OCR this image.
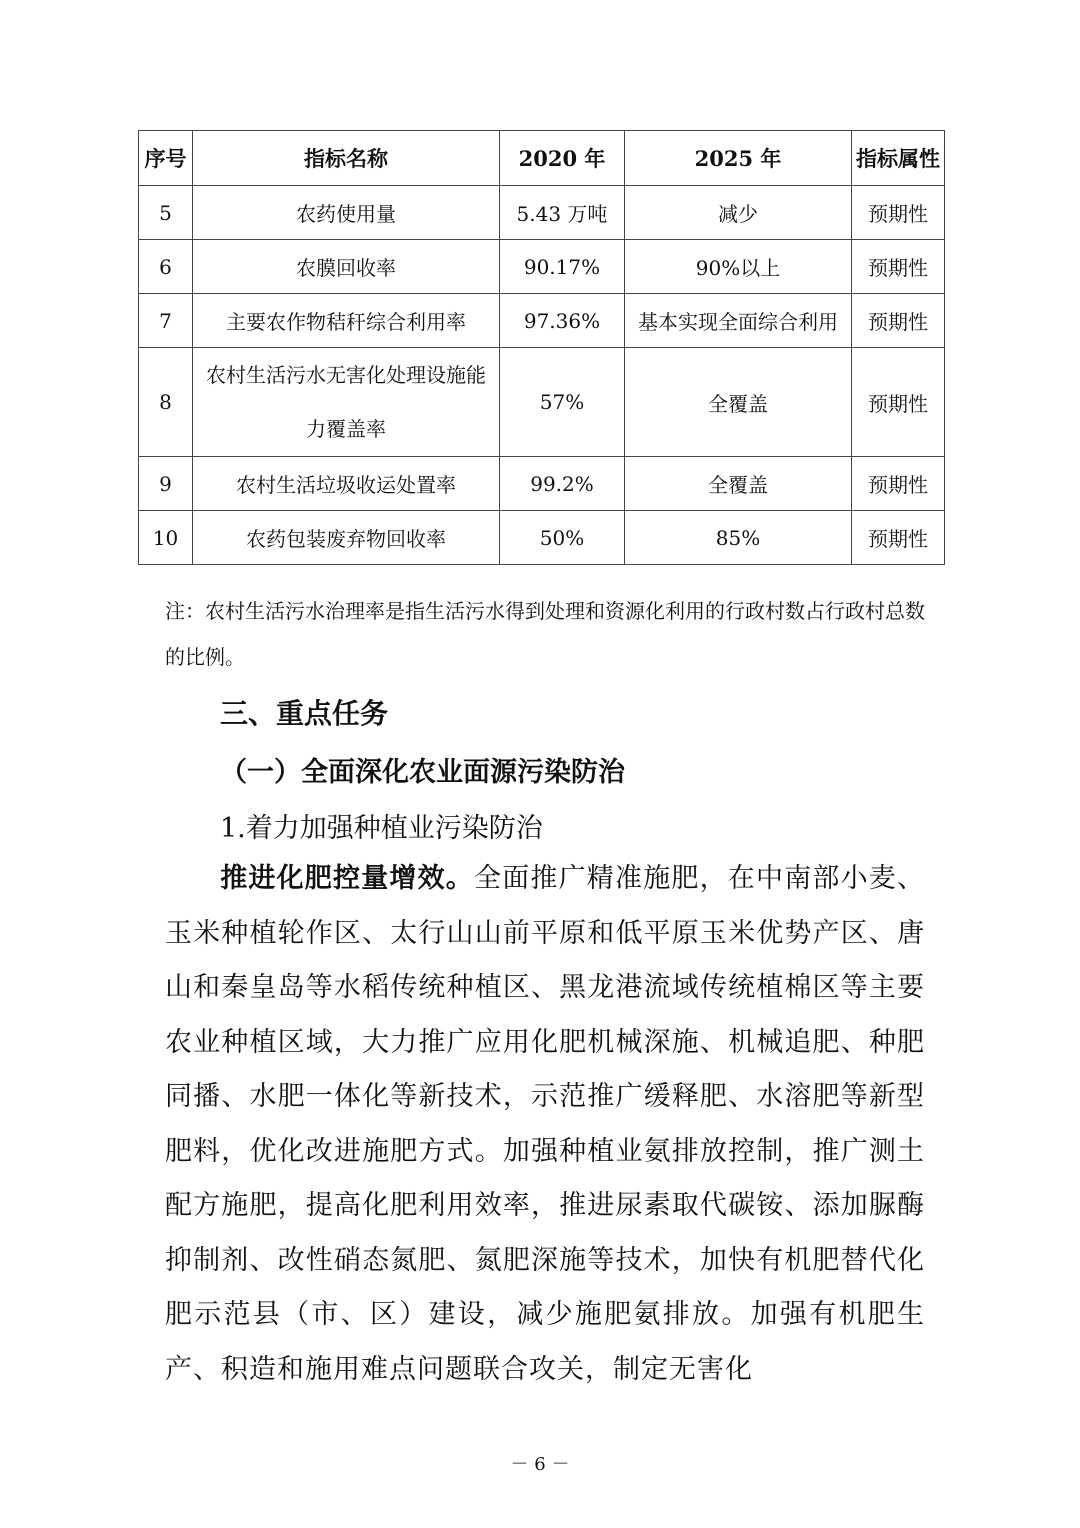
序号	指标名称	2020 年	2025 年	指标属性
5	农药使用量	5.43 万吨	减少	预期性
6	农膜回收率	90.17%	90%以上	预期性
7	主要农作物秸秆综合利用率	97.36%	基本实现全面综合利用	预期性
8	农村生活污水无害化处理设施能力覆盖率	57%	全覆盖	预期性
9	农村生活垃圾收运处置率	99.2%	全覆盖	预期性
10	农药包装废弃物回收率	50%	85%	预期性
注：农村生活污水治理率是指生活污水得到处理和资源化利用的行政村数占行政村总数的比例。
三、重点任务
（一）全面深化农业面源污染防治
1.着力加强种植业污染防治
推进化肥控量增效。全面推广精准施肥，在中南部小麦、玉米种植轮作区、太行山山前平原和低平原玉米优势产区、唐山和秦皇岛等水稻传统种植区、黑龙港流域传统植棉区等主要农业种植区域，大力推广应用化肥机械深施、机械追肥、种肥同播、水肥一体化等新技术，示范推广缓释肥、水溶肥等新型肥料，优化改进施肥方式。加强种植业氨排放控制，推广测土配方施肥，提高化肥利用效率，推进尿素取代碳铵、添加脲酶抑制剂、改性硝态氮肥、氮肥深施等技术，加快有机肥替代化肥示范县（市、区）建设，减少施肥氨排放。加强有机肥生产、积造和施用难点问题联合攻关，制定无害化
－ 6 －
